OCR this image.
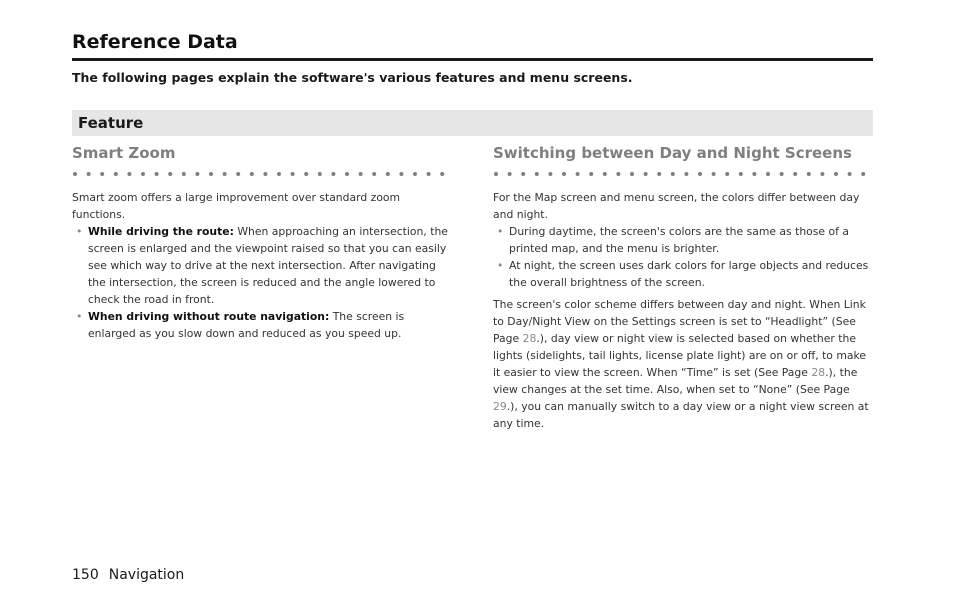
Reference Data

The following pages explain the software's various features and menu screens.

Feature
Smart Zoom

Smart zoom offers a large improvement over standard zoom functions.

• While driving the route: When approaching an intersection, the screen is enlarged and the viewpoint raised so that you can easily see which way to drive at the next intersection. After navigating the intersection, the screen is reduced and the angle lowered to check the road in front.
• When driving without route navigation: The screen is enlarged as you slow down and reduced as you speed up.
Switching between Day and Night Screens

For the Map screen and menu screen, the colors differ between day and night.

• During daytime, the screen's colors are the same as those of a printed map, and the menu is brighter.
• At night, the screen uses dark colors for large objects and reduces the overall brightness of the screen.

The screen's color scheme differs between day and night. When Link to Day/Night View on the Settings screen is set to “Headlight” (See Page 28.), day view or night view is selected based on whether the lights (sidelights, tail lights, license plate light) are on or off, to make it easier to view the screen. When “Time” is set (See Page 28.), the view changes at the set time. Also, when set to “None” (See Page 29.), you can manually switch to a day view or a night view screen at any time.

150 Navigation
